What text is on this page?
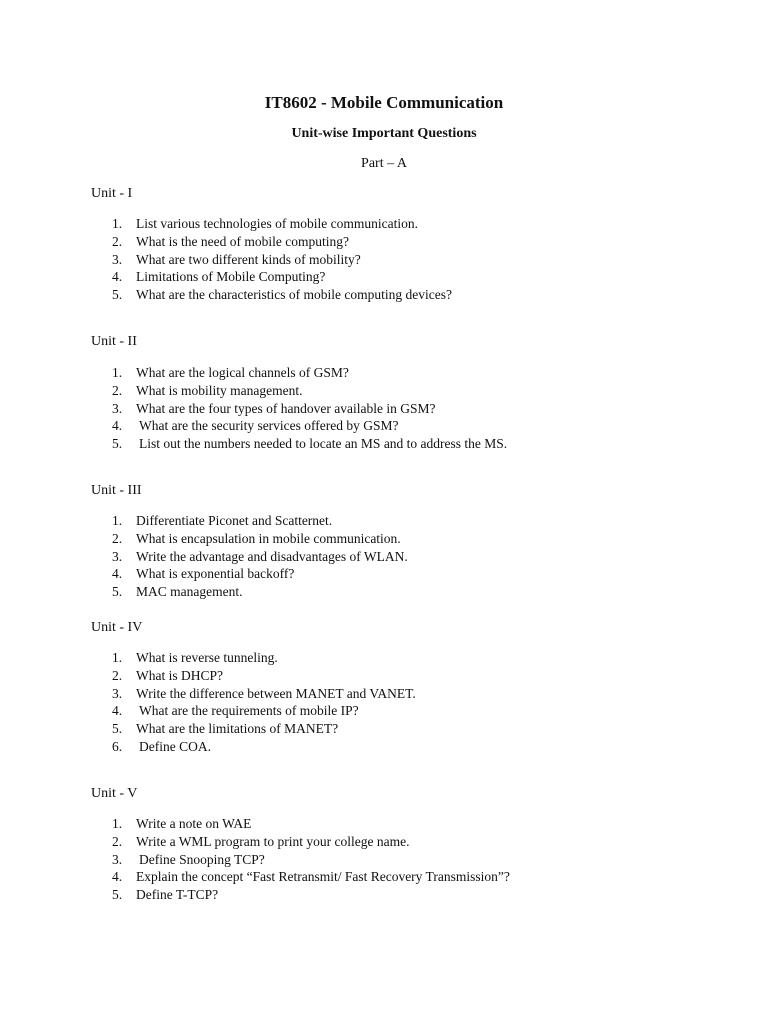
IT8602 - Mobile Communication
Unit-wise Important Questions

Part – A

Unit - I

1. List various technologies of mobile communication.
2. What is the need of mobile computing?
3. What are two different kinds of mobility?
4. Limitations of Mobile Computing?
5. What are the characteristics of mobile computing devices?

Unit - II

1. What are the logical channels of GSM?
2. What is mobility management.
3. What are the four types of handover available in GSM?
4. What are the security services offered by GSM?
5. List out the numbers needed to locate an MS and to address the MS.

Unit - III

1. Differentiate Piconet and Scatternet.
2. What is encapsulation in mobile communication.
3. Write the advantage and disadvantages of WLAN.
4. What is exponential backoff?
5. MAC management.

Unit - IV

1. What is reverse tunneling.
2. What is DHCP?
3. Write the difference between MANET and VANET.
4. What are the requirements of mobile IP?
5. What are the limitations of MANET?
6. Define COA.

Unit - V

1. Write a note on WAE
2. Write a WML program to print your college name.
3. Define Snooping TCP?
4. Explain the concept “Fast Retransmit/ Fast Recovery Transmission”?
5. Define T-TCP?
